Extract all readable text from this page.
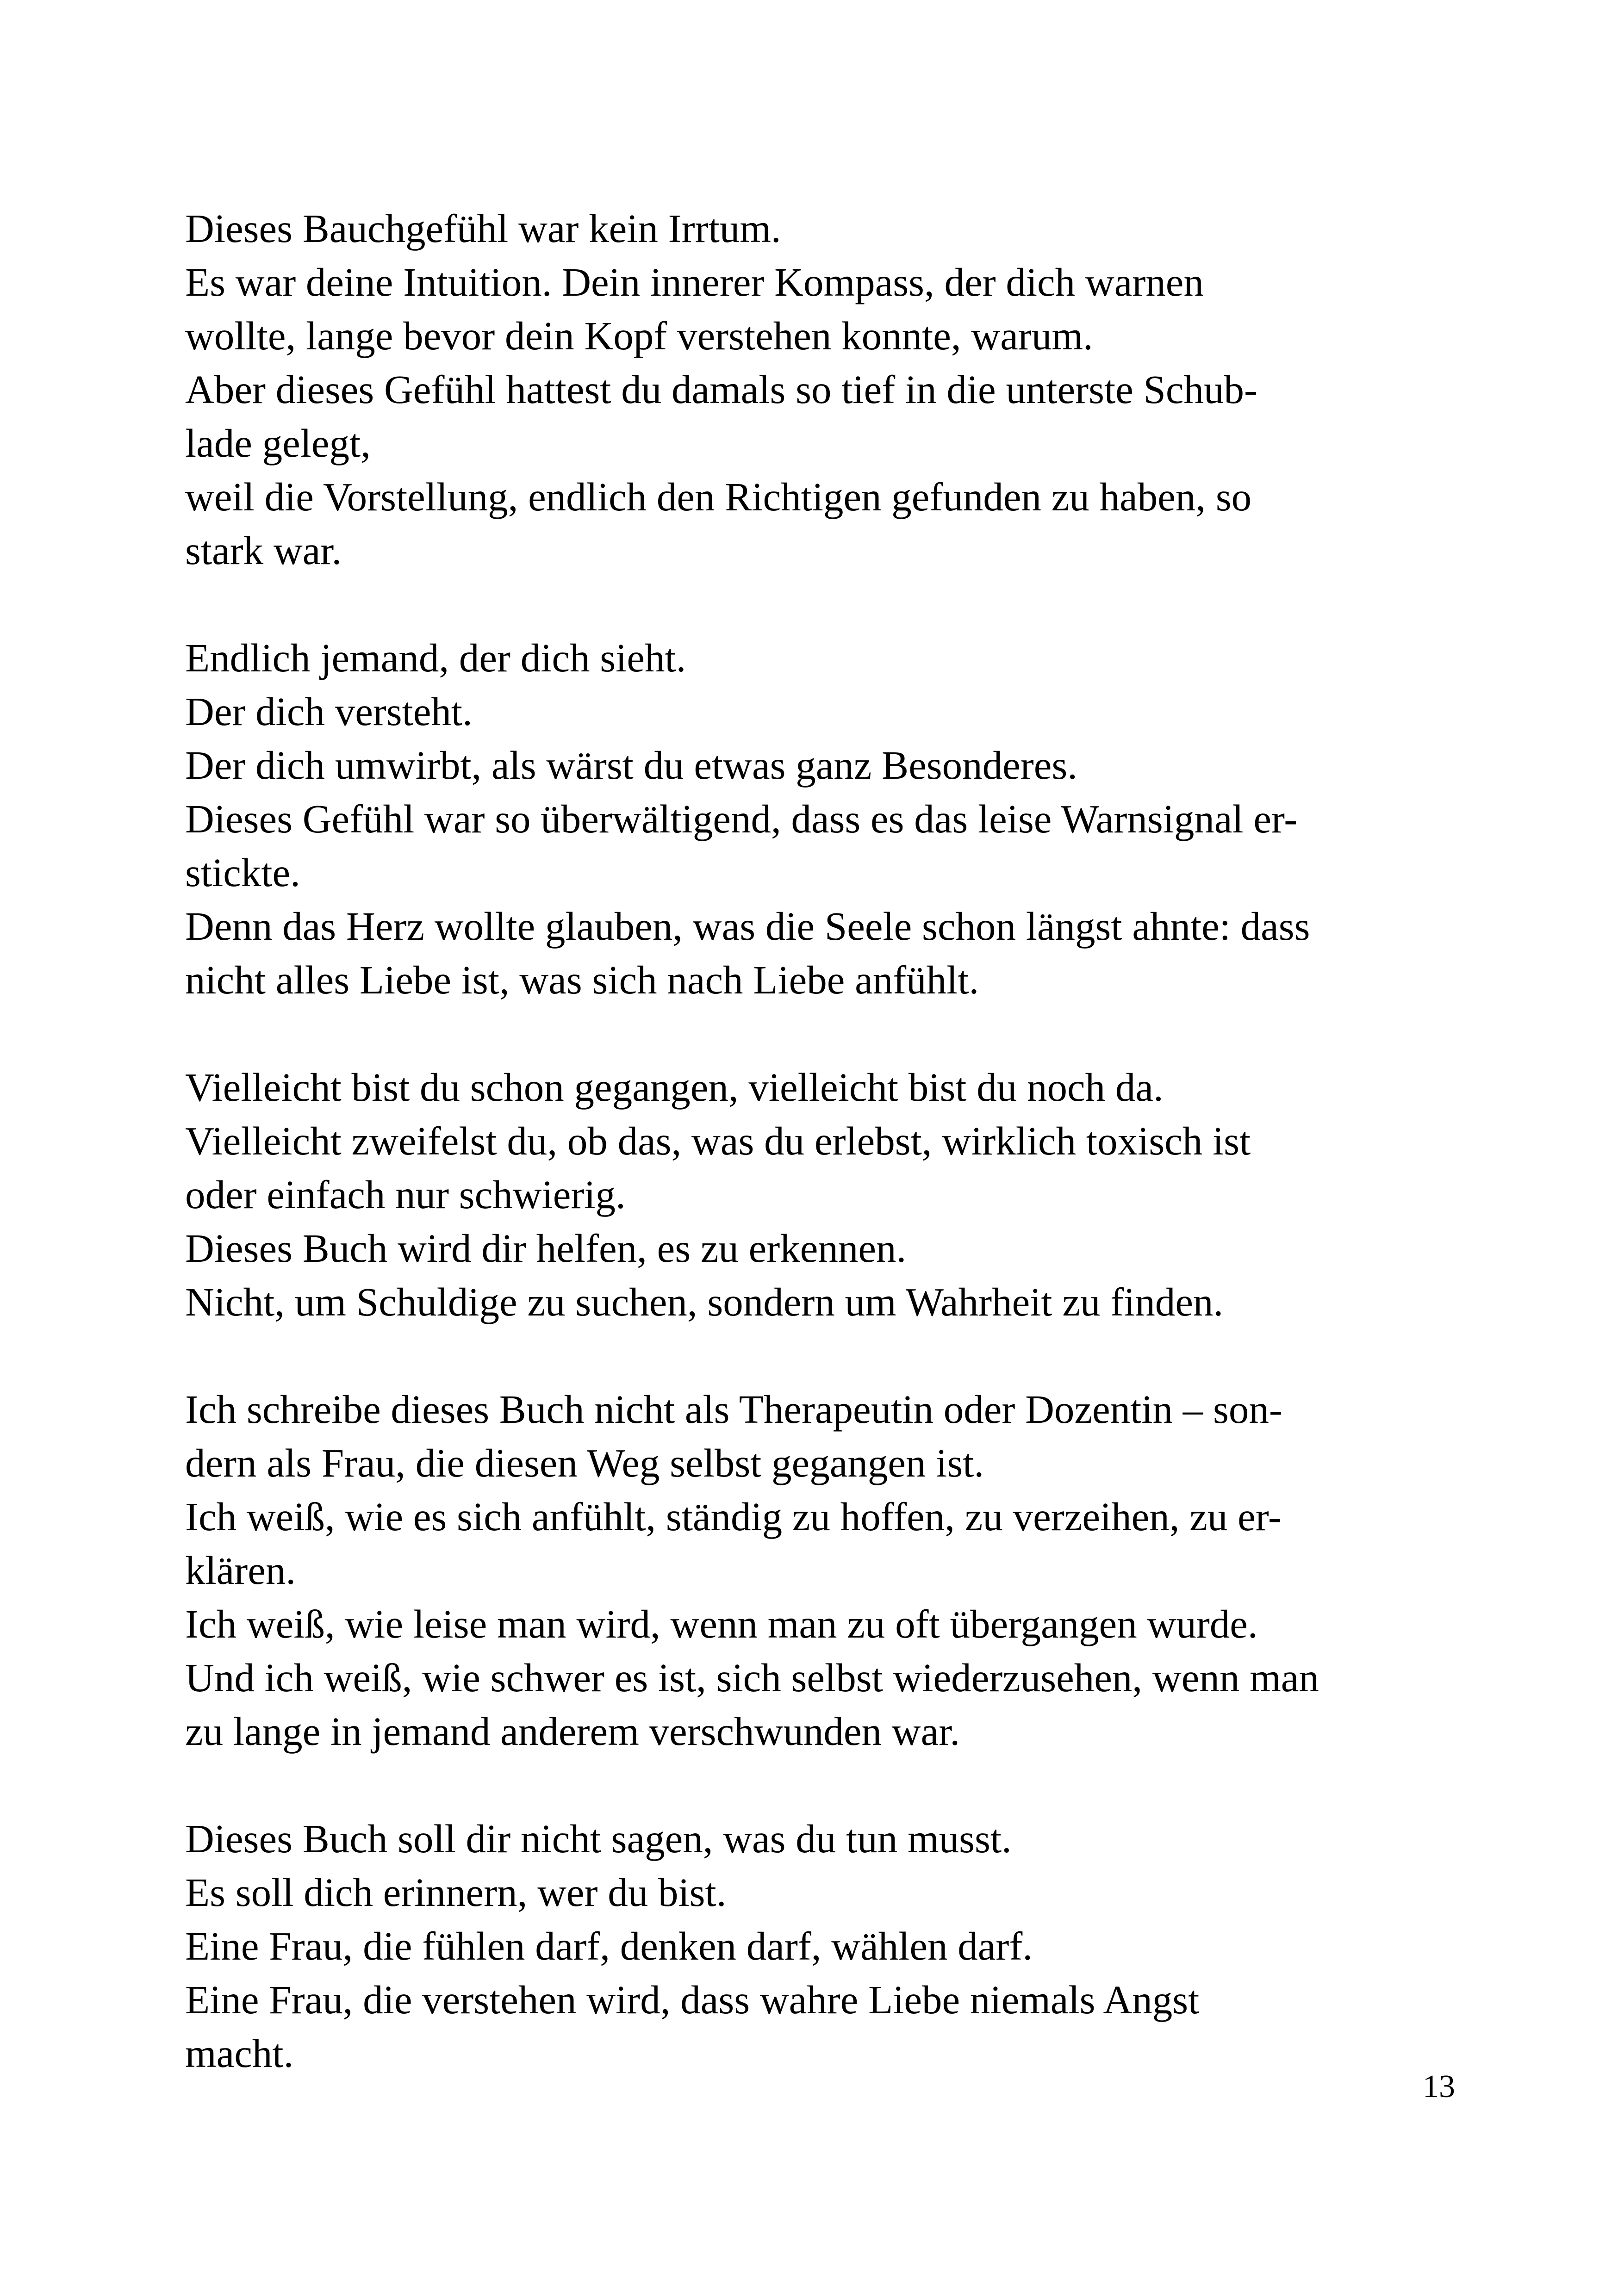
Dieses Bauchgefühl war kein Irrtum.
Es war deine Intuition. Dein innerer Kompass, der dich warnen
wollte, lange bevor dein Kopf verstehen konnte, warum.
Aber dieses Gefühl hattest du damals so tief in die unterste Schub-
lade gelegt,
weil die Vorstellung, endlich den Richtigen gefunden zu haben, so
stark war.
Endlich jemand, der dich sieht.
Der dich versteht.
Der dich umwirbt, als wärst du etwas ganz Besonderes.
Dieses Gefühl war so überwältigend, dass es das leise Warnsignal er-
stickte.
Denn das Herz wollte glauben, was die Seele schon längst ahnte: dass
nicht alles Liebe ist, was sich nach Liebe anfühlt.
Vielleicht bist du schon gegangen, vielleicht bist du noch da.
Vielleicht zweifelst du, ob das, was du erlebst, wirklich toxisch ist
oder einfach nur schwierig.
Dieses Buch wird dir helfen, es zu erkennen.
Nicht, um Schuldige zu suchen, sondern um Wahrheit zu finden.
Ich schreibe dieses Buch nicht als Therapeutin oder Dozentin – son-
dern als Frau, die diesen Weg selbst gegangen ist.
Ich weiß, wie es sich anfühlt, ständig zu hoffen, zu verzeihen, zu er-
klären.
Ich weiß, wie leise man wird, wenn man zu oft übergangen wurde.
Und ich weiß, wie schwer es ist, sich selbst wiederzusehen, wenn man
zu lange in jemand anderem verschwunden war.
Dieses Buch soll dir nicht sagen, was du tun musst.
Es soll dich erinnern, wer du bist.
Eine Frau, die fühlen darf, denken darf, wählen darf.
Eine Frau, die verstehen wird, dass wahre Liebe niemals Angst
macht.
13
